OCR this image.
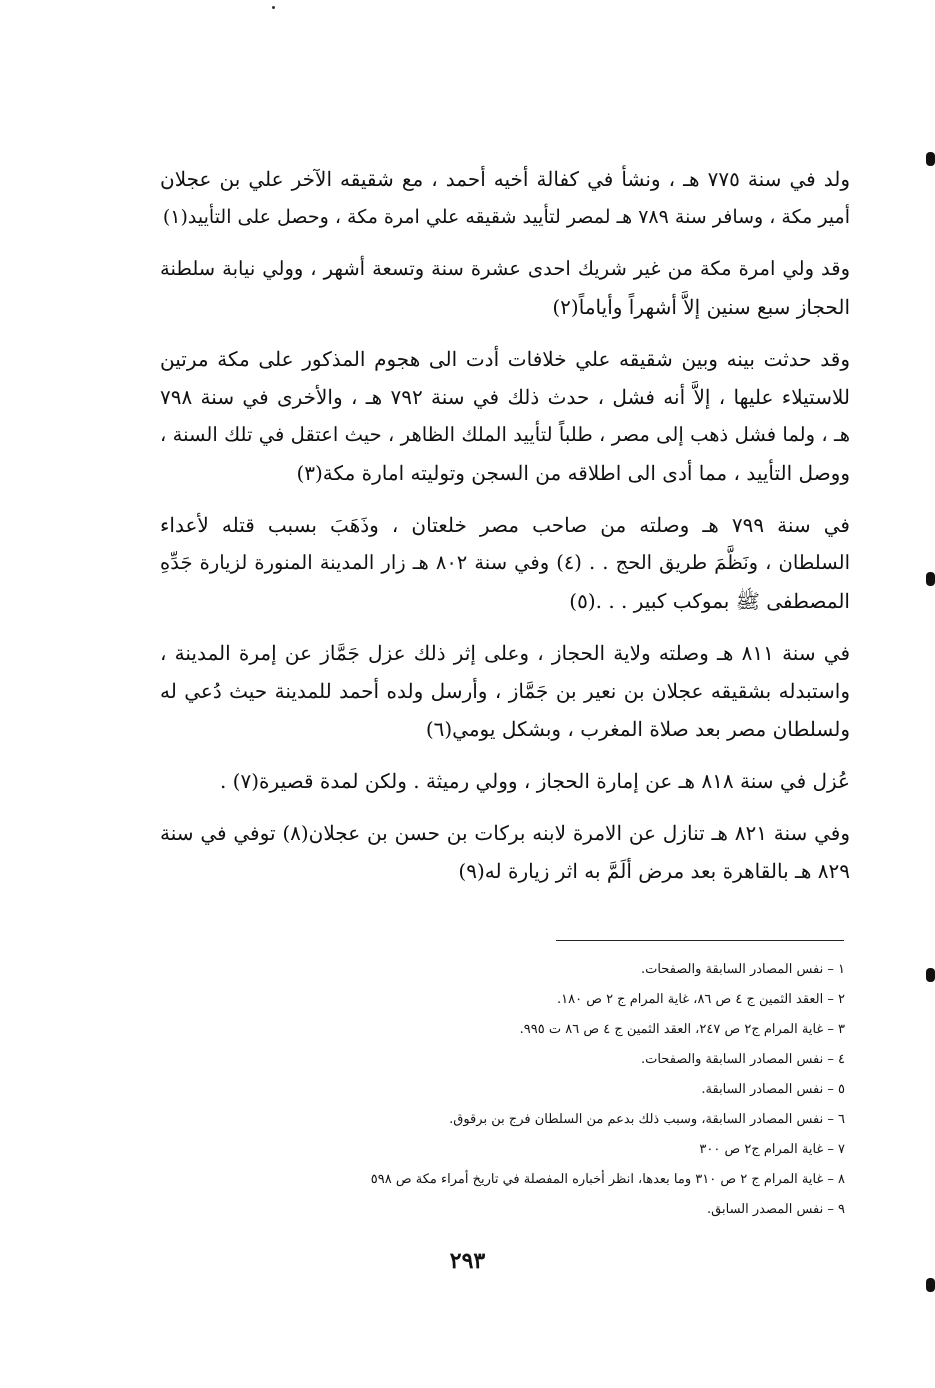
ولد في سنة ٧٧٥ هـ ، ونشأ في كفالة أخيه أحمد ، مع شقيقه الآخر علي بن عجلان
أمير مكة ، وسافر سنة ٧٨٩ هـ لمصر لتأييد شقيقه علي امرة مكة ، وحصل على التأييد(١)

وقد ولي امرة مكة من غير شريك احدى عشرة سنة وتسعة أشهر ، وولي نيابة سلطنة
الحجاز سبع سنين إلاَّ أشهراً وأياماً(٢)

وقد حدثت بينه وبين شقيقه علي خلافات أدت الى هجوم المذكور على مكة مرتين
للاستيلاء عليها ، إلاَّ أنه فشل ، حدث ذلك في سنة ٧٩٢ هـ ، والأخرى في سنة ٧٩٨
هـ ، ولما فشل ذهب إلى مصر ، طلباً لتأييد الملك الظاهر ، حيث اعتقل في تلك السنة ،
ووصل التأييد ، مما أدى الى اطلاقه من السجن وتوليته امارة مكة(٣)

في سنة ٧٩٩ هـ وصلته من صاحب مصر خلعتان ، وذَهَبَ بسبب قتله لأعداء
السلطان ، ونَظَّمَ طريق الحج . . (٤) وفي سنة ٨٠٢ هـ زار المدينة المنورة لزيارة جَدِّهِ
المصطفى ﷺ بموكب كبير . . .(٥)

في سنة ٨١١ هـ وصلته ولاية الحجاز ، وعلى إثر ذلك عزل جَمَّاز عن إمرة المدينة ،
واستبدله بشقيقه عجلان بن نعير بن جَمَّاز ، وأرسل ولده أحمد للمدينة حيث دُعي له
ولسلطان مصر بعد صلاة المغرب ، وبشكل يومي(٦)

عُزل في سنة ٨١٨ هـ عن إمارة الحجاز ، وولي رميثة . ولكن لمدة قصيرة(٧) .

وفي سنة ٨٢١ هـ تنازل عن الامرة لابنه بركات بن حسن بن عجلان(٨) توفي في سنة
٨٢٩ هـ بالقاهرة بعد مرض ألَمَّ به اثر زيارة له(٩)

١ – نفس المصادر السابقة والصفحات.
٢ – العقد الثمين ج ٤ ص ٨٦، غاية المرام ج ٢ ص ١٨٠.
٣ – غاية المرام ج٢ ص ٢٤٧، العقد الثمين ج ٤ ص ٨٦ ت ٩٩٥.
٤ – نفس المصادر السابقة والصفحات.
٥ – نفس المصادر السابقة.
٦ – نفس المصادر السابقة، وسبب ذلك بدعم من السلطان فرج بن برقوق.
٧ – غاية المرام ج٢ ص ٣٠٠
٨ – غاية المرام ج ٢ ص ٣١٠ وما بعدها، انظر أخباره المفصلة في تاريخ أمراء مكة ص ٥٩٨
٩ – نفس المصدر السابق.
٢٩٣
